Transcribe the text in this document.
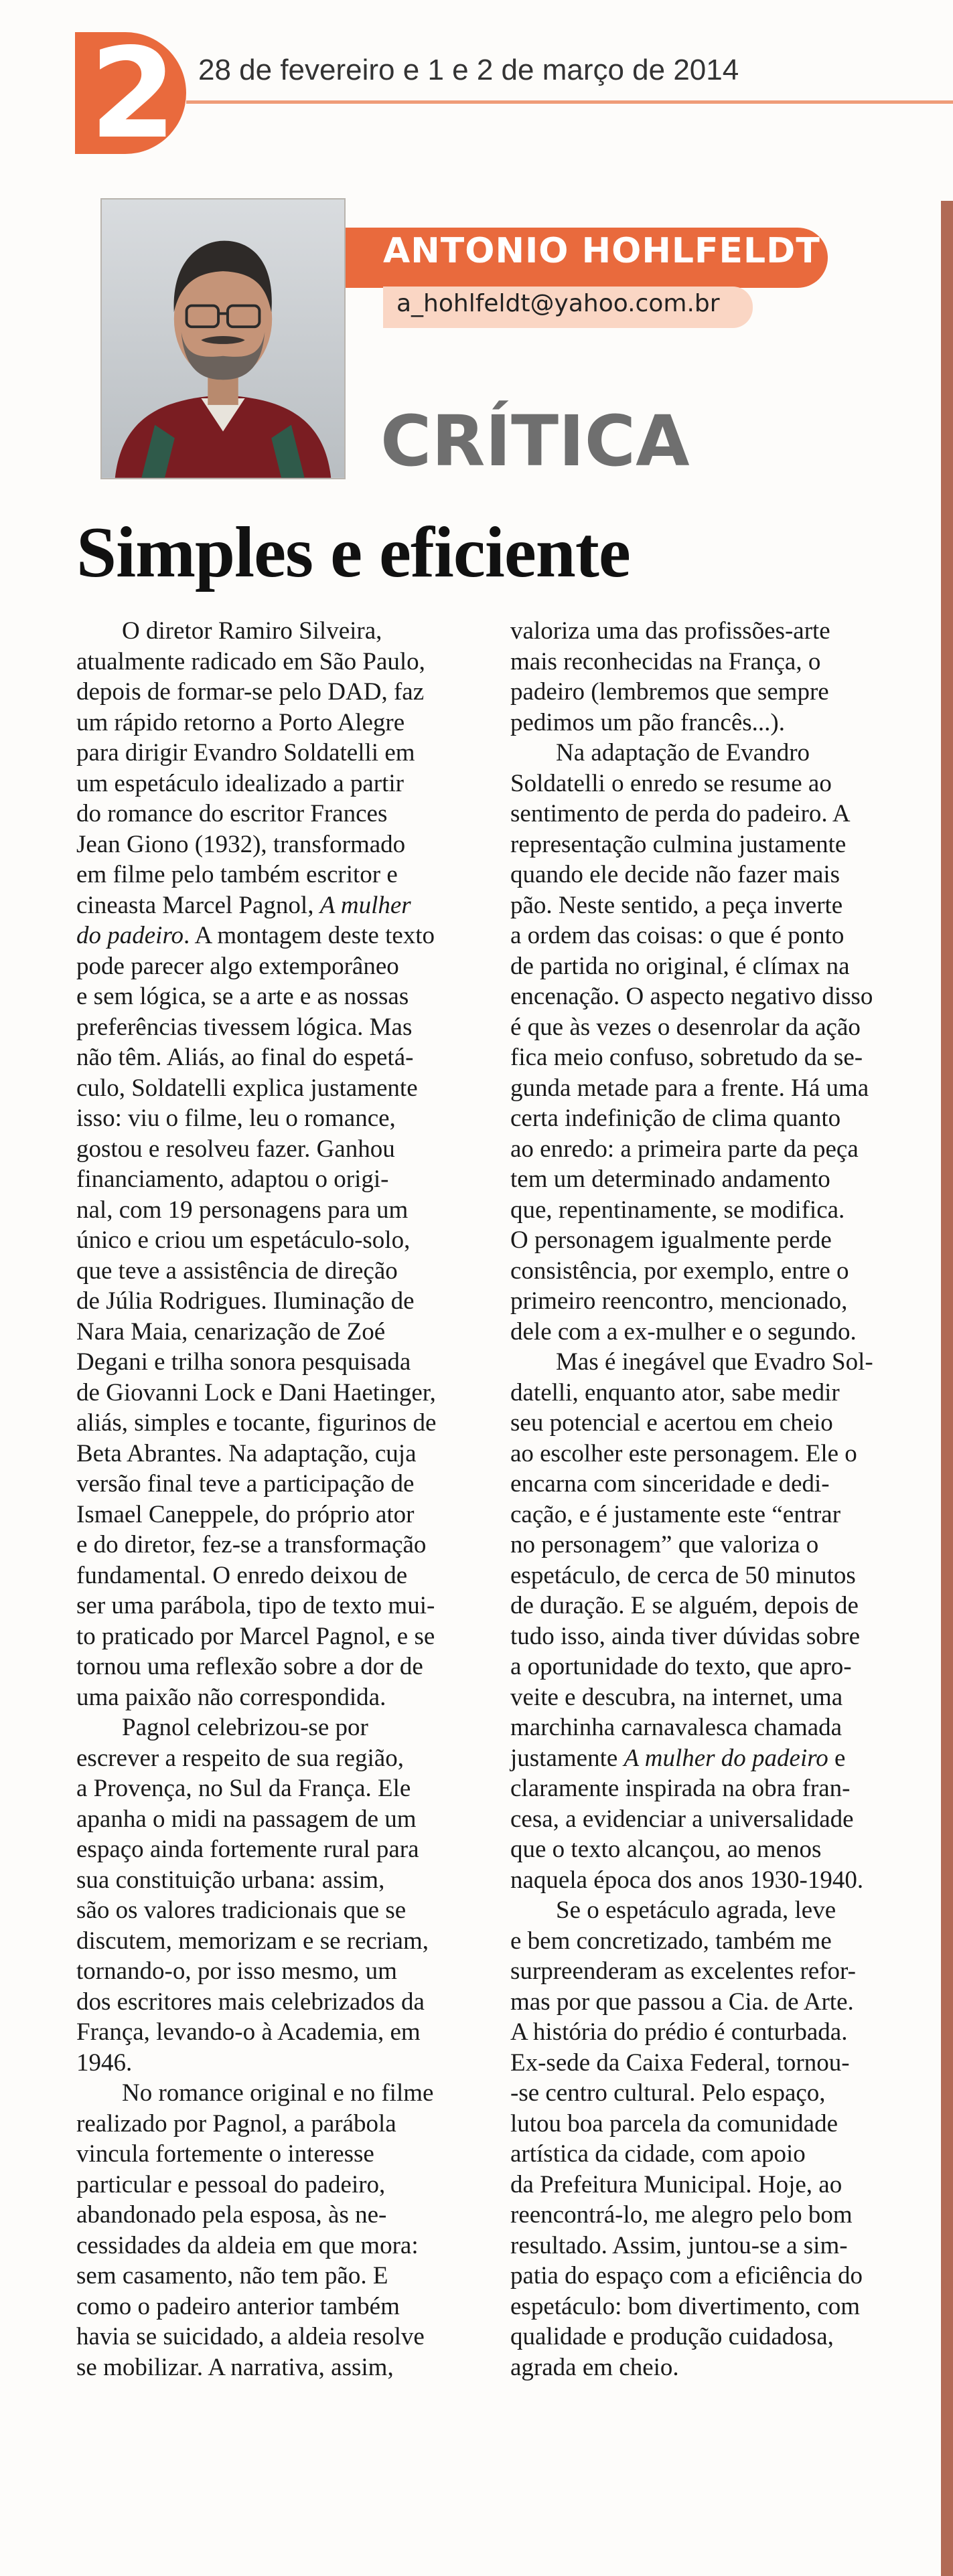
2 28 de fevereiro e 1 e 2 de março de 2014
ANTONIO HOHLFELDT
a_hohlfeldt@yahoo.com.br
CRÍTICA
Simples e eficiente
O diretor Ramiro Silveira,
atualmente radicado em São Paulo,
depois de formar-se pelo DAD, faz
um rápido retorno a Porto Alegre
para dirigir Evandro Soldatelli em
um espetáculo idealizado a partir
do romance do escritor Frances
Jean Giono (1932), transformado
em filme pelo também escritor e
cineasta Marcel Pagnol, A mulher
do padeiro. A montagem deste texto
pode parecer algo extemporâneo
e sem lógica, se a arte e as nossas
preferências tivessem lógica. Mas
não têm. Aliás, ao final do espetá-
culo, Soldatelli explica justamente
isso: viu o filme, leu o romance,
gostou e resolveu fazer. Ganhou
financiamento, adaptou o origi-
nal, com 19 personagens para um
único e criou um espetáculo-solo,
que teve a assistência de direção
de Júlia Rodrigues. Iluminação de
Nara Maia, cenarização de Zoé
Degani e trilha sonora pesquisada
de Giovanni Lock e Dani Haetinger,
aliás, simples e tocante, figurinos de
Beta Abrantes. Na adaptação, cuja
versão final teve a participação de
Ismael Caneppele, do próprio ator
e do diretor, fez-se a transformação
fundamental. O enredo deixou de
ser uma parábola, tipo de texto mui-
to praticado por Marcel Pagnol, e se
tornou uma reflexão sobre a dor de
uma paixão não correspondida.
Pagnol celebrizou-se por
escrever a respeito de sua região,
a Provença, no Sul da França. Ele
apanha o midi na passagem de um
espaço ainda fortemente rural para
sua constituição urbana: assim,
são os valores tradicionais que se
discutem, memorizam e se recriam,
tornando-o, por isso mesmo, um
dos escritores mais celebrizados da
França, levando-o à Academia, em
1946.
No romance original e no filme
realizado por Pagnol, a parábola
vincula fortemente o interesse
particular e pessoal do padeiro,
abandonado pela esposa, às ne-
cessidades da aldeia em que mora:
sem casamento, não tem pão. E
como o padeiro anterior também
havia se suicidado, a aldeia resolve
se mobilizar. A narrativa, assim,
valoriza uma das profissões-arte
mais reconhecidas na França, o
padeiro (lembremos que sempre
pedimos um pão francês...).
Na adaptação de Evandro
Soldatelli o enredo se resume ao
sentimento de perda do padeiro. A
representação culmina justamente
quando ele decide não fazer mais
pão. Neste sentido, a peça inverte
a ordem das coisas: o que é ponto
de partida no original, é clímax na
encenação. O aspecto negativo disso
é que às vezes o desenrolar da ação
fica meio confuso, sobretudo da se-
gunda metade para a frente. Há uma
certa indefinição de clima quanto
ao enredo: a primeira parte da peça
tem um determinado andamento
que, repentinamente, se modifica.
O personagem igualmente perde
consistência, por exemplo, entre o
primeiro reencontro, mencionado,
dele com a ex-mulher e o segundo.
Mas é inegável que Evadro Sol-
datelli, enquanto ator, sabe medir
seu potencial e acertou em cheio
ao escolher este personagem. Ele o
encarna com sinceridade e dedi-
cação, e é justamente este “entrar
no personagem” que valoriza o
espetáculo, de cerca de 50 minutos
de duração. E se alguém, depois de
tudo isso, ainda tiver dúvidas sobre
a oportunidade do texto, que apro-
veite e descubra, na internet, uma
marchinha carnavalesca chamada
justamente A mulher do padeiro e
claramente inspirada na obra fran-
cesa, a evidenciar a universalidade
que o texto alcançou, ao menos
naquela época dos anos 1930-1940.
Se o espetáculo agrada, leve
e bem concretizado, também me
surpreenderam as excelentes refor-
mas por que passou a Cia. de Arte.
A história do prédio é conturbada.
Ex-sede da Caixa Federal, tornou-
-se centro cultural. Pelo espaço,
lutou boa parcela da comunidade
artística da cidade, com apoio
da Prefeitura Municipal. Hoje, ao
reencontrá-lo, me alegro pelo bom
resultado. Assim, juntou-se a sim-
patia do espaço com a eficiência do
espetáculo: bom divertimento, com
qualidade e produção cuidadosa,
agrada em cheio.
